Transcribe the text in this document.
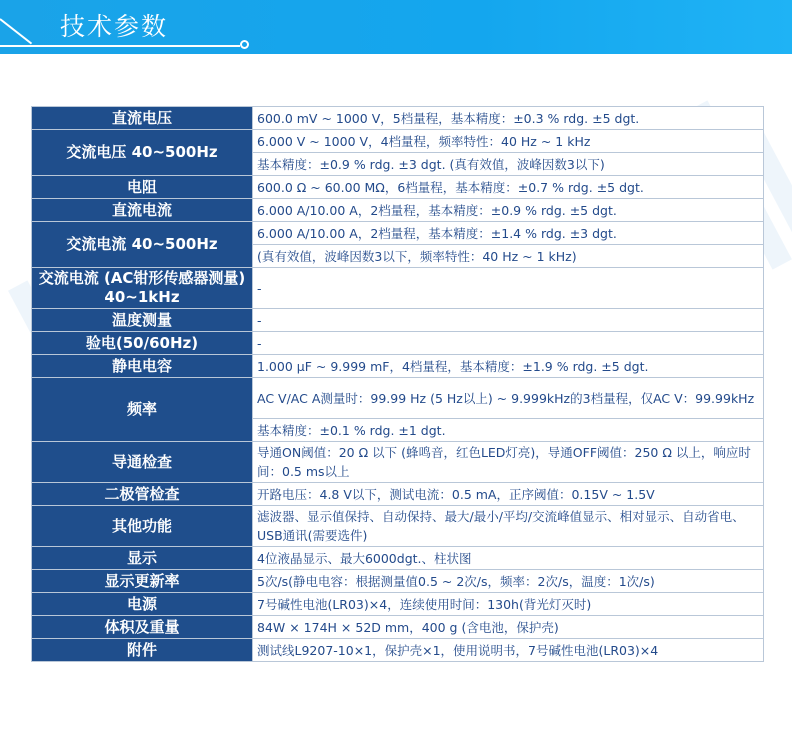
技术参数
直流电压	600.0 mV ~ 1000 V，5档量程，基本精度：±0.3 % rdg. ±5 dgt.
交流电压 40~500Hz	6.000 V ~ 1000 V，4档量程，频率特性：40 Hz ~ 1 kHz
	基本精度：±0.9 % rdg. ±3 dgt. (真有效值，波峰因数3以下)
电阻	600.0 Ω ~ 60.00 MΩ，6档量程，基本精度：±0.7 % rdg. ±5 dgt.
直流电流	6.000 A/10.00 A，2档量程，基本精度：±0.9 % rdg. ±5 dgt.
交流电流 40~500Hz	6.000 A/10.00 A，2档量程，基本精度：±1.4 % rdg. ±3 dgt.
	(真有效值，波峰因数3以下，频率特性：40 Hz ~ 1 kHz)
交流电流 (AC钳形传感器测量) 40~1kHz	-
温度测量	-
验电(50/60Hz)	-
静电电容	1.000 μF ~ 9.999 mF，4档量程，基本精度：±1.9 % rdg. ±5 dgt.
频率	AC V/AC A测量时：99.99 Hz (5 Hz以上) ~ 9.999kHz的3档量程，仅AC V：99.99kHz
	基本精度：±0.1 % rdg. ±1 dgt.
导通检查	导通ON阈值：20 Ω 以下 (蜂鸣音，红色LED灯亮)，导通OFF阈值：250 Ω 以上，响应时间：0.5 ms以上
二极管检查	开路电压：4.8 V以下，测试电流：0.5 mA，正序阈值：0.15V ~ 1.5V
其他功能	滤波器、显示值保持、自动保持、最大/最小/平均/交流峰值显示、相对显示、自动省电、USB通讯(需要选件)
显示	4位液晶显示、最大6000dgt.、柱状图
显示更新率	5次/s(静电电容：根据测量值0.5 ~ 2次/s，频率：2次/s，温度：1次/s)
电源	7号碱性电池(LR03)×4，连续使用时间：130h(背光灯灭时)
体积及重量	84W × 174H × 52D mm，400 g (含电池，保护壳)
附件	测试线L9207-10×1，保护壳×1，使用说明书，7号碱性电池(LR03)×4
